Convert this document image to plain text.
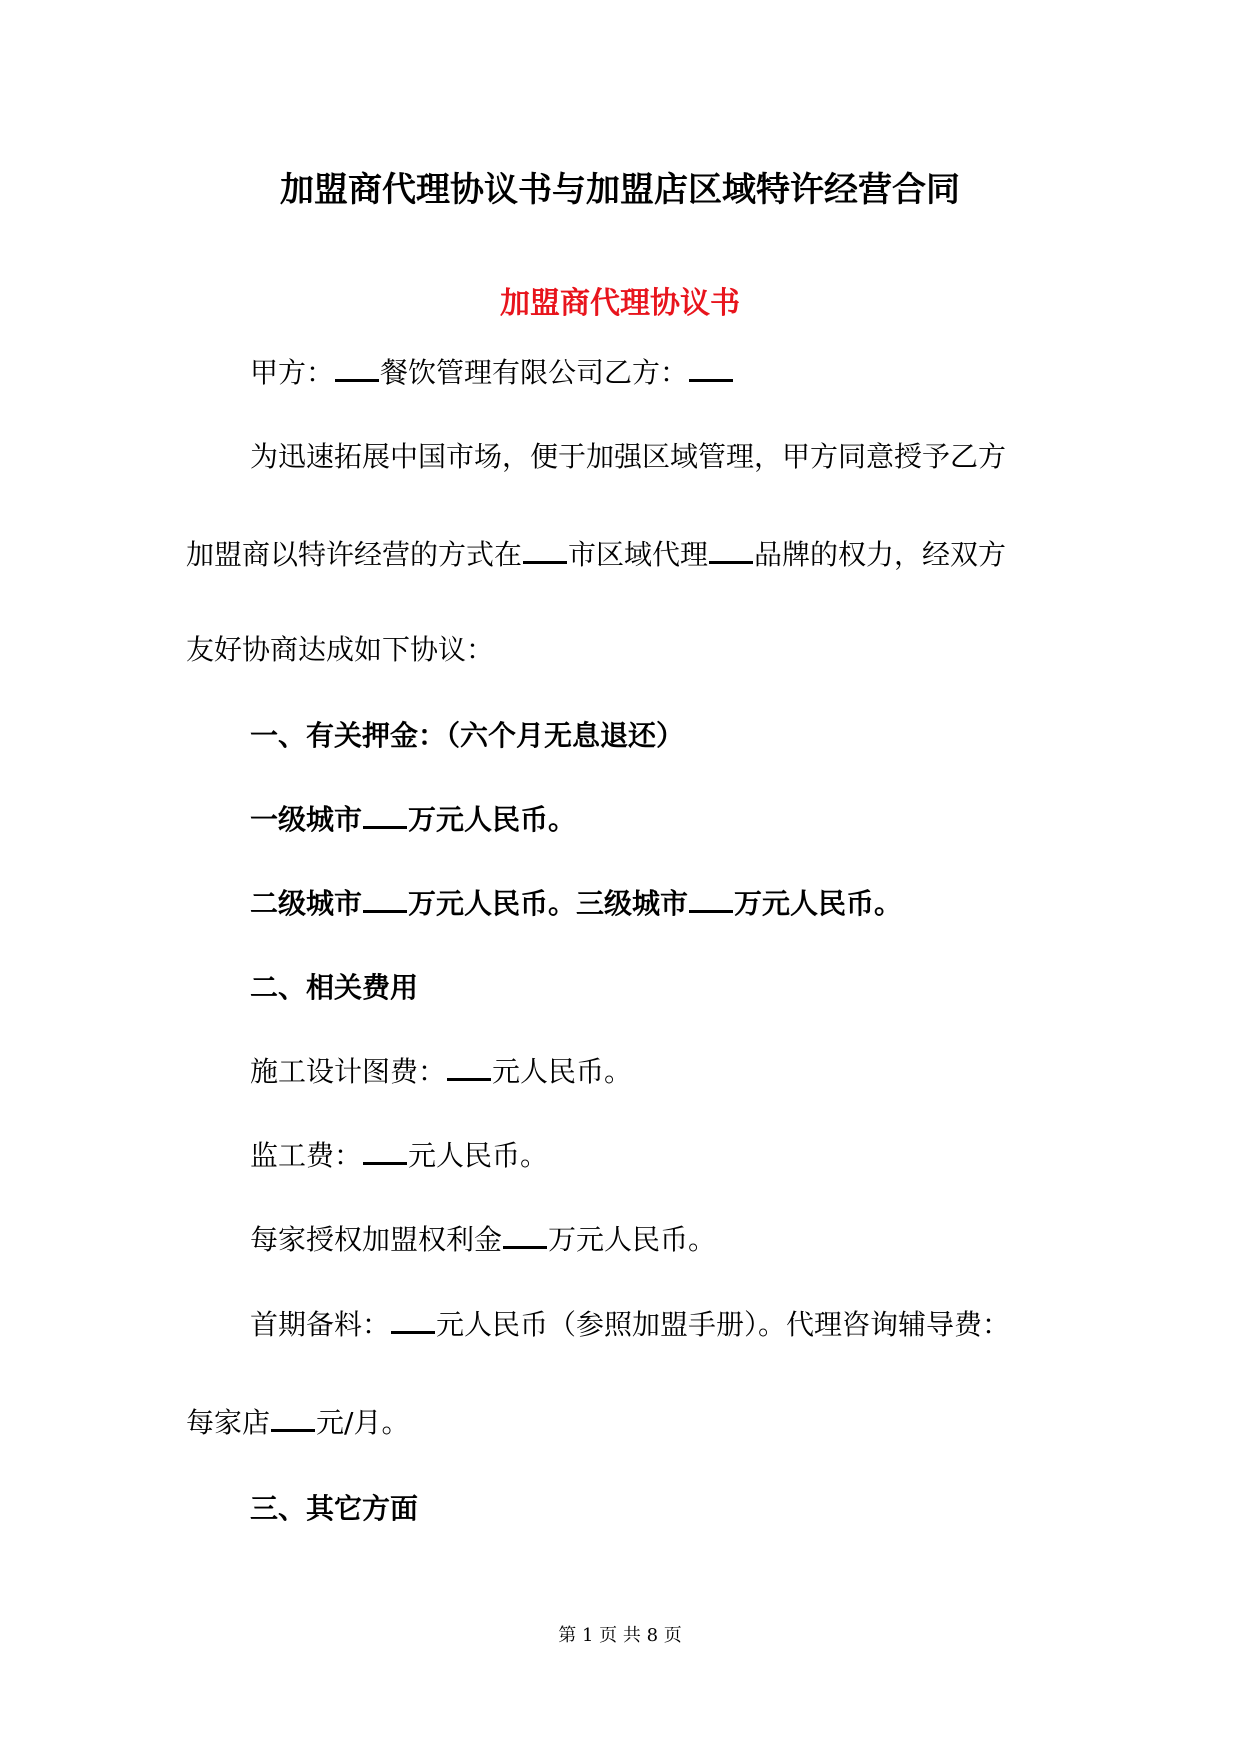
加盟商代理协议书与加盟店区域特许经营合同
加盟商代理协议书
甲方： 餐饮管理有限公司乙方：
为迅速拓展中国市场，便于加强区域管理，甲方同意授予乙方
加盟商以特许经营的方式在 市区域代理 品牌的权力，经双方
友好协商达成如下协议：
一、有关押金：（六个月无息退还）
一级城市 万元人民币。
二级城市 万元人民币。三级城市 万元人民币。
二、相关费用
施工设计图费： 元人民币。
监工费： 元人民币。
每家授权加盟权利金 万元人民币。
首期备料： 元人民币（参照加盟手册）。代理咨询辅导费：
每家店 元/月。
三、其它方面
第 1 页 共 8 页
